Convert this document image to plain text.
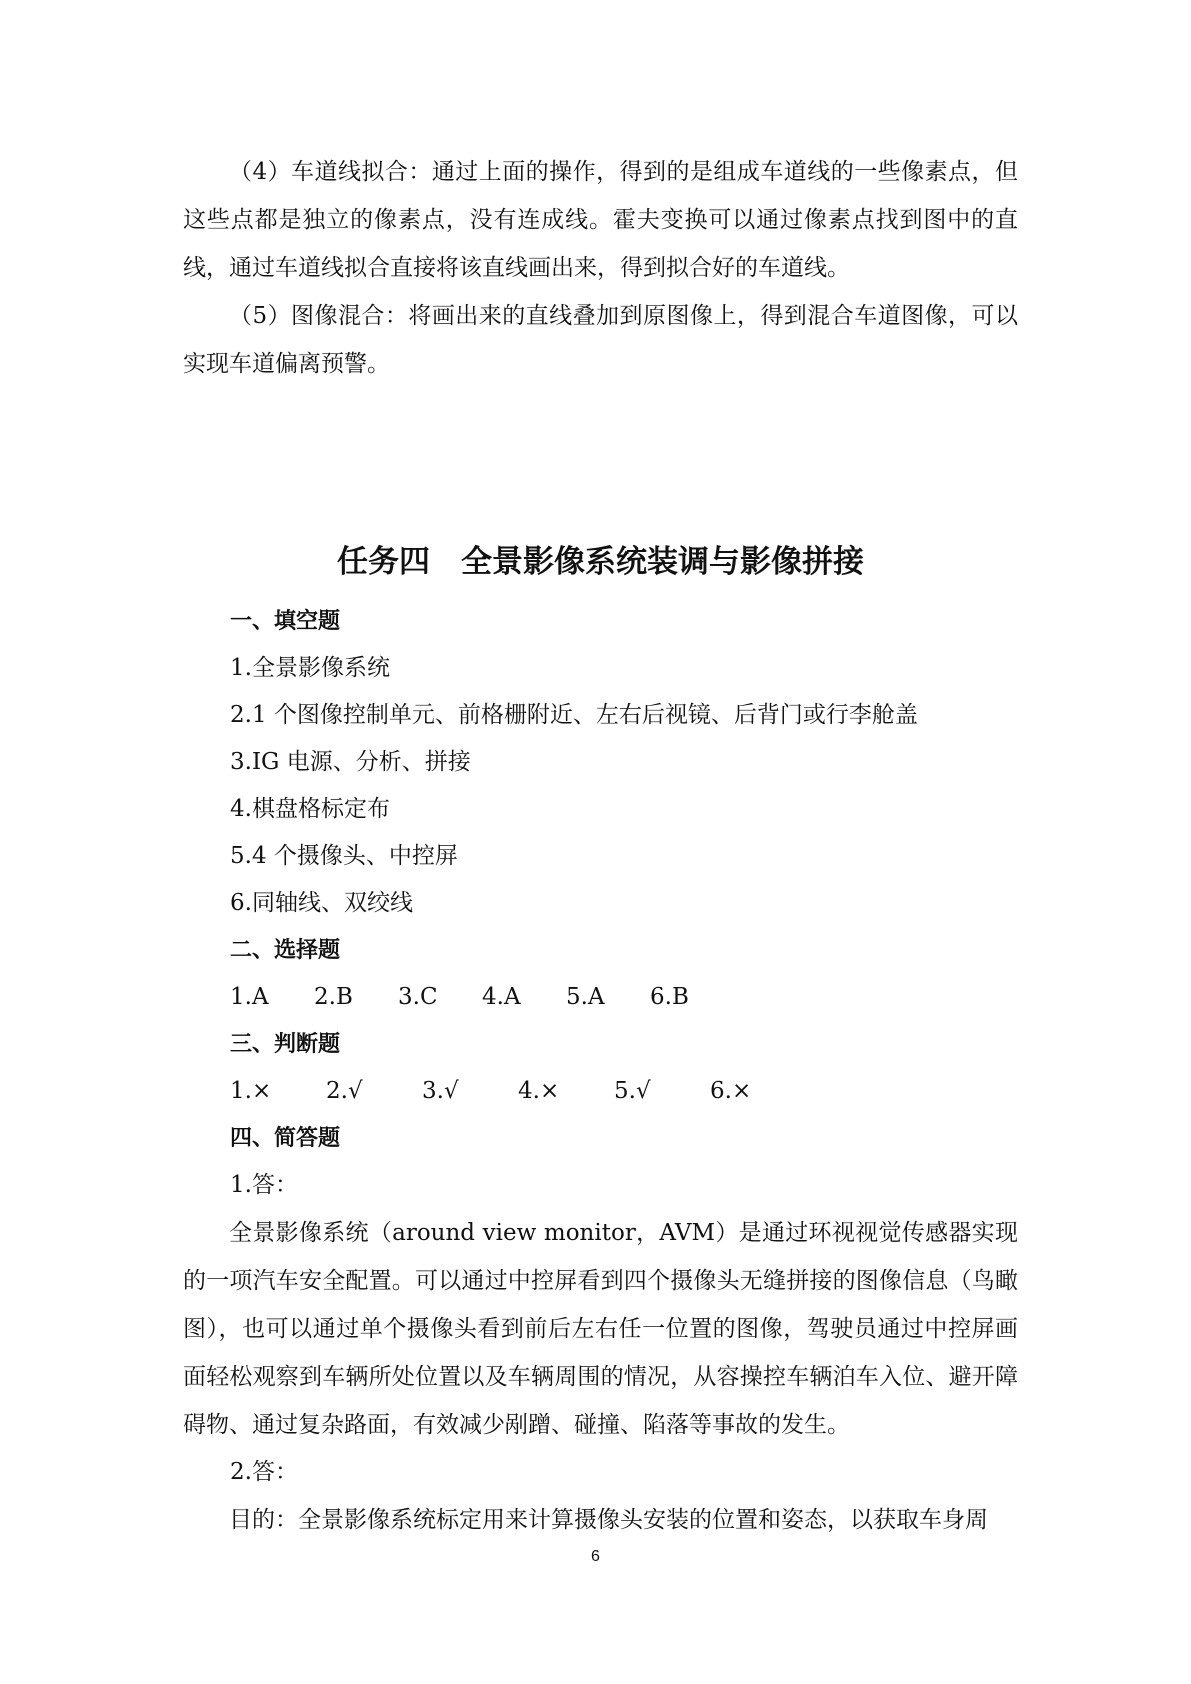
（4）车道线拟合：通过上面的操作，得到的是组成车道线的一些像素点，但这些点都是独立的像素点，没有连成线。霍夫变换可以通过像素点找到图中的直线，通过车道线拟合直接将该直线画出来，得到拟合好的车道线。

（5）图像混合：将画出来的直线叠加到原图像上，得到混合车道图像，可以实现车道偏离预警。

任务四　全景影像系统装调与影像拼接
一、填空题

1.全景影像系统

2.1 个图像控制单元、前格栅附近、左右后视镜、后背门或行李舱盖

3.IG 电源、分析、拼接

4.棋盘格标定布

5.4 个摄像头、中控屏

6.同轴线、双绞线

二、选择题

1.A	2.B	3.C	4.A	5.A	6.B

三、判断题

1.×	2.√	3.√	4.×	5.√	6.×

四、简答题

1.答：

全景影像系统（around view monitor，AVM）是通过环视视觉传感器实现的一项汽车安全配置。可以通过中控屏看到四个摄像头无缝拼接的图像信息（鸟瞰图），也可以通过单个摄像头看到前后左右任一位置的图像，驾驶员通过中控屏画面轻松观察到车辆所处位置以及车辆周围的情况，从容操控车辆泊车入位、避开障碍物、通过复杂路面，有效减少剐蹭、碰撞、陷落等事故的发生。

2.答：

目的：全景影像系统标定用来计算摄像头安装的位置和姿态，以获取车身周

6
